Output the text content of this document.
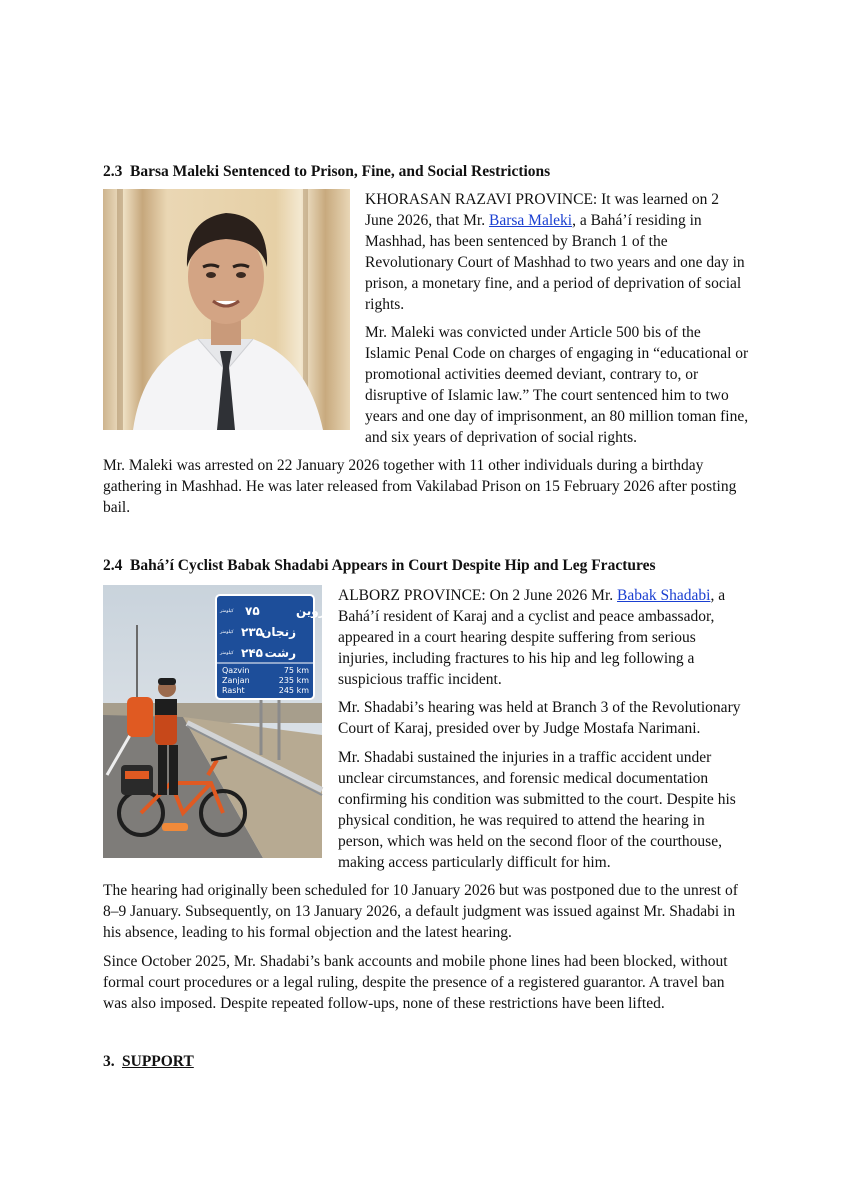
2.3 Barsa Maleki Sentenced to Prison, Fine, and Social Restrictions

KHORASAN RAZAVI PROVINCE: It was learned on 2 June 2026, that Mr. Barsa Maleki, a Bahá’í residing in Mashhad, has been sentenced by Branch 1 of the Revolutionary Court of Mashhad to two years and one day in prison, a monetary fine, and a period of deprivation of social rights.

Mr. Maleki was convicted under Article 500 bis of the Islamic Penal Code on charges of engaging in “educational or promotional activities deemed deviant, contrary to, or disruptive of Islamic law.” The court sentenced him to two years and one day of imprisonment, an 80 million toman fine, and six years of deprivation of social rights.

Mr. Maleki was arrested on 22 January 2026 together with 11 other individuals during a birthday gathering in Mashhad. He was later released from Vakilabad Prison on 15 February 2026 after posting bail.

2.4 Bahá’í Cyclist Babak Shadabi Appears in Court Despite Hip and Leg Fractures
قزوین
۷۵
زنجان
۲۳۵
رشت
۲۴۵
کیلومتر
کیلومتر
کیلومتر
Qazvin	75 km
Zanjan	235 km
Rasht	245 km

ALBORZ PROVINCE: On 2 June 2026 Mr. Babak Shadabi, a Bahá’í resident of Karaj and a cyclist and peace ambassador, appeared in a court hearing despite suffering from serious injuries, including fractures to his hip and leg following a suspicious traffic incident.

Mr. Shadabi’s hearing was held at Branch 3 of the Revolutionary Court of Karaj, presided over by Judge Mostafa Narimani.

Mr. Shadabi sustained the injuries in a traffic accident under unclear circumstances, and forensic medical documentation confirming his condition was submitted to the court. Despite his physical condition, he was required to attend the hearing in person, which was held on the second floor of the courthouse, making access particularly difficult for him.

The hearing had originally been scheduled for 10 January 2026 but was postponed due to the unrest of 8–9 January. Subsequently, on 13 January 2026, a default judgment was issued against Mr. Shadabi in his absence, leading to his formal objection and the latest hearing.

Since October 2025, Mr. Shadabi’s bank accounts and mobile phone lines had been blocked, without formal court procedures or a legal ruling, despite the presence of a registered guarantor. A travel ban was also imposed. Despite repeated follow-ups, none of these restrictions have been lifted.

3. SUPPORT
